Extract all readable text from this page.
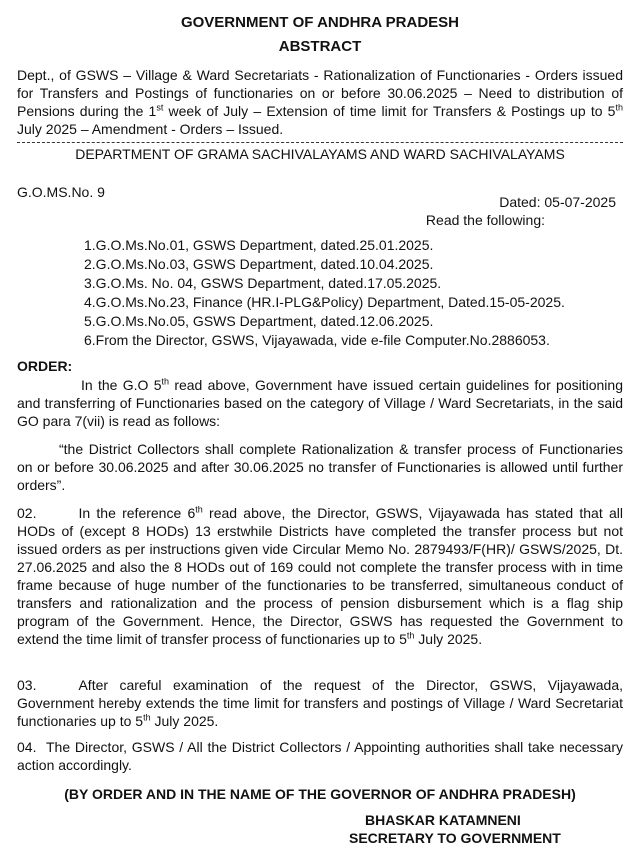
GOVERNMENT OF ANDHRA PRADESH
ABSTRACT
Dept., of GSWS – Village & Ward Secretariats - Rationalization of Functionaries - Orders issued for Transfers and Postings of functionaries on or before 30.06.2025 – Need to distribution of Pensions during the 1st week of July – Extension of time limit for Transfers & Postings up to 5th July 2025 – Amendment - Orders – Issued.
DEPARTMENT OF GRAMA SACHIVALAYAMS AND WARD SACHIVALAYAMS
G.O.MS.No. 9
Dated: 05-07-2025
Read the following:
1.G.O.Ms.No.01, GSWS Department, dated.25.01.2025.
2.G.O.Ms.No.03, GSWS Department, dated.10.04.2025.
3.G.O.Ms. No. 04, GSWS Department, dated.17.05.2025.
4.G.O.Ms.No.23, Finance (HR.I-PLG&Policy) Department, Dated.15-05-2025.
5.G.O.Ms.No.05, GSWS Department, dated.12.06.2025.
6.From the Director, GSWS, Vijayawada, vide e-file Computer.No.2886053.
ORDER:
In the G.O 5th read above, Government have issued certain guidelines for positioning and transferring of Functionaries based on the category of Village / Ward Secretariats, in the said GO para 7(vii) is read as follows:
“the District Collectors shall complete Rationalization & transfer process of Functionaries on or before 30.06.2025 and after 30.06.2025 no transfer of Functionaries is allowed until further orders”.
02.	In the reference 6th read above, the Director, GSWS, Vijayawada has stated that all HODs of (except 8 HODs) 13 erstwhile Districts have completed the transfer process but not issued orders as per instructions given vide Circular Memo No. 2879493/F(HR)/ GSWS/2025, Dt. 27.06.2025 and also the 8 HODs out of 169 could not complete the transfer process with in time frame because of huge number of the functionaries to be transferred, simultaneous conduct of transfers and rationalization and the process of pension disbursement which is a flag ship program of the Government. Hence, the Director, GSWS has requested the Government to extend the time limit of transfer process of functionaries up to 5th July 2025.
03.	After careful examination of the request of the Director, GSWS, Vijayawada, Government hereby extends the time limit for transfers and postings of Village / Ward Secretariat functionaries up to 5th July 2025.
04. The Director, GSWS / All the District Collectors / Appointing authorities shall take necessary action accordingly.
(BY ORDER AND IN THE NAME OF THE GOVERNOR OF ANDHRA PRADESH)
BHASKAR KATAMNENI
SECRETARY TO GOVERNMENT
